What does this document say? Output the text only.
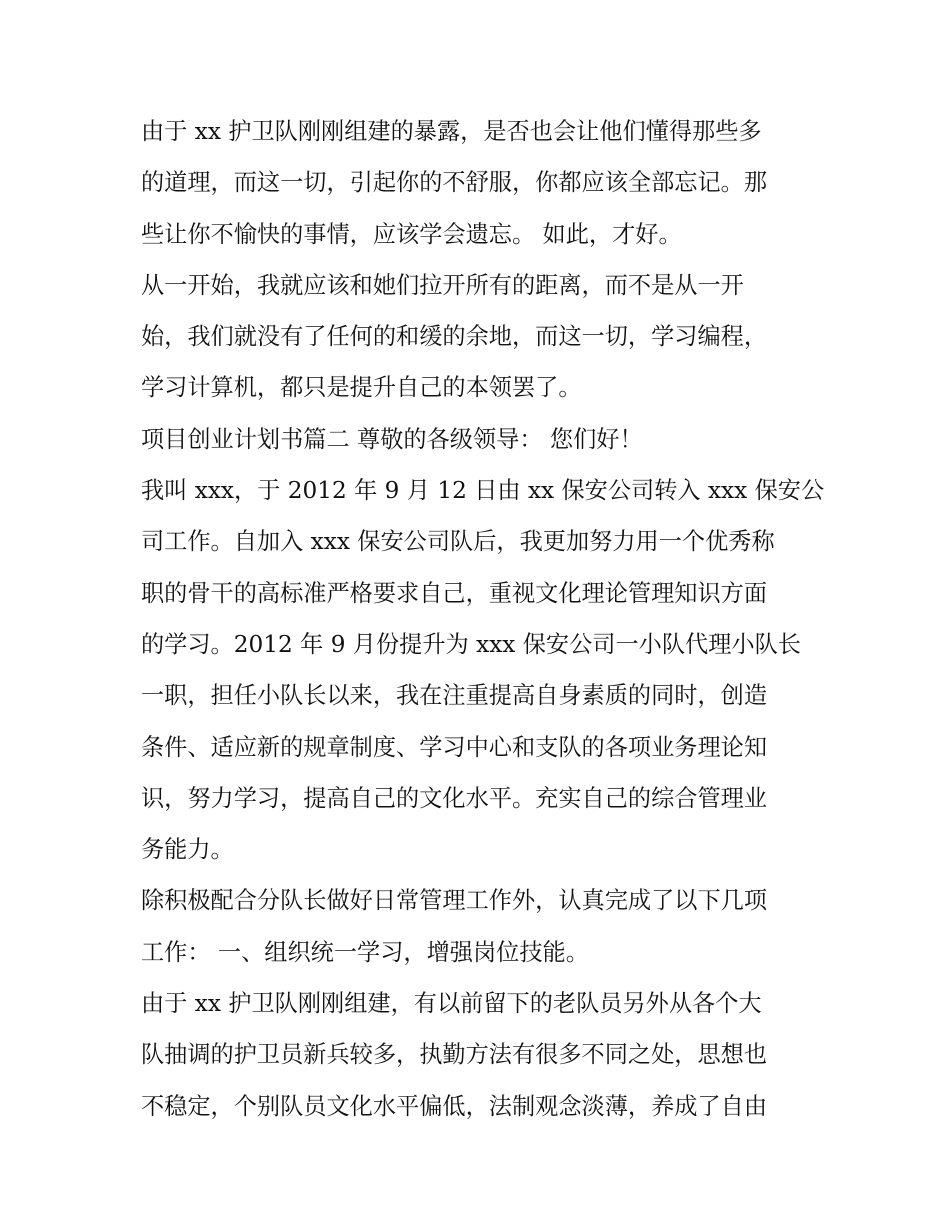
由于 xx 护卫队刚刚组建的暴露，是否也会让他们懂得那些多
的道理，而这一切，引起你的不舒服，你都应该全部忘记。那
些让你不愉快的事情，应该学会遗忘。 如此，才好。
从一开始，我就应该和她们拉开所有的距离，而不是从一开
始，我们就没有了任何的和缓的余地，而这一切，学习编程，
学习计算机，都只是提升自己的本领罢了。
项目创业计划书篇二 尊敬的各级领导： 您们好！
我叫 xxx，于 2012 年 9 月 12 日由 xx 保安公司转入 xxx 保安公
司工作。自加入 xxx 保安公司队后，我更加努力用一个优秀称
职的骨干的高标准严格要求自己，重视文化理论管理知识方面
的学习。2012 年 9 月份提升为 xxx 保安公司一小队代理小队长
一职，担任小队长以来，我在注重提高自身素质的同时，创造
条件、适应新的规章制度、学习中心和支队的各项业务理论知
识，努力学习，提高自己的文化水平。充实自己的综合管理业
务能力。
除积极配合分队长做好日常管理工作外，认真完成了以下几项
工作： 一、组织统一学习，增强岗位技能。
由于 xx 护卫队刚刚组建，有以前留下的老队员另外从各个大
队抽调的护卫员新兵较多，执勤方法有很多不同之处，思想也
不稳定，个别队员文化水平偏低，法制观念淡薄，养成了自由
